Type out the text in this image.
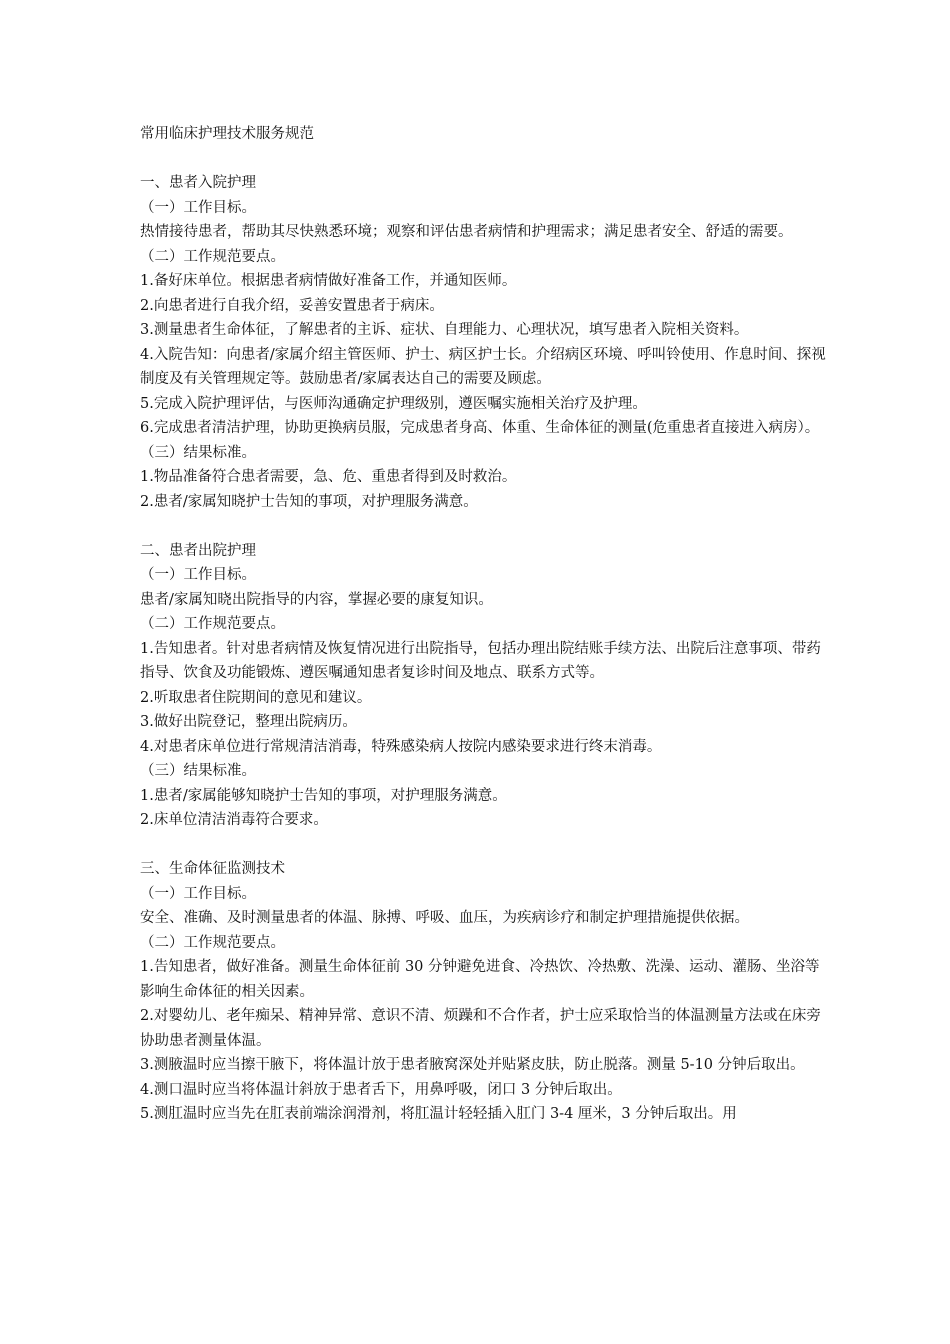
常用临床护理技术服务规范

一、患者入院护理

（一）工作目标。

热情接待患者，帮助其尽快熟悉环境；观察和评估患者病情和护理需求；满足患者安全、舒适的需要。

（二）工作规范要点。

1.备好床单位。根据患者病情做好准备工作，并通知医师。

2.向患者进行自我介绍，妥善安置患者于病床。

3.测量患者生命体征，了解患者的主诉、症状、自理能力、心理状况，填写患者入院相关资料。

4.入院告知：向患者/家属介绍主管医师、护士、病区护士长。介绍病区环境、呼叫铃使用、作息时间、探视制度及有关管理规定等。鼓励患者/家属表达自己的需要及顾虑。

5.完成入院护理评估，与医师沟通确定护理级别，遵医嘱实施相关治疗及护理。

6.完成患者清洁护理，协助更换病员服，完成患者身高、体重、生命体征的测量(危重患者直接进入病房）。

（三）结果标准。

1.物品准备符合患者需要，急、危、重患者得到及时救治。

2.患者/家属知晓护士告知的事项，对护理服务满意。

二、患者出院护理

（一）工作目标。

患者/家属知晓出院指导的内容，掌握必要的康复知识。

（二）工作规范要点。

1.告知患者。针对患者病情及恢复情况进行出院指导，包括办理出院结账手续方法、出院后注意事项、带药指导、饮食及功能锻炼、遵医嘱通知患者复诊时间及地点、联系方式等。

2.听取患者住院期间的意见和建议。

3.做好出院登记，整理出院病历。

4.对患者床单位进行常规清洁消毒，特殊感染病人按院内感染要求进行终末消毒。

（三）结果标准。

1.患者/家属能够知晓护士告知的事项，对护理服务满意。

2.床单位清洁消毒符合要求。

三、生命体征监测技术

（一）工作目标。

安全、准确、及时测量患者的体温、脉搏、呼吸、血压，为疾病诊疗和制定护理措施提供依据。

（二）工作规范要点。

1.告知患者，做好准备。测量生命体征前 30 分钟避免进食、冷热饮、冷热敷、洗澡、运动、灌肠、坐浴等影响生命体征的相关因素。

2.对婴幼儿、老年痴呆、精神异常、意识不清、烦躁和不合作者，护士应采取恰当的体温测量方法或在床旁协助患者测量体温。

3.测腋温时应当擦干腋下，将体温计放于患者腋窝深处并贴紧皮肤，防止脱落。测量 5-10 分钟后取出。

4.测口温时应当将体温计斜放于患者舌下，用鼻呼吸，闭口 3 分钟后取出。

5.测肛温时应当先在肛表前端涂润滑剂，将肛温计轻轻插入肛门 3-4 厘米，3 分钟后取出。用
